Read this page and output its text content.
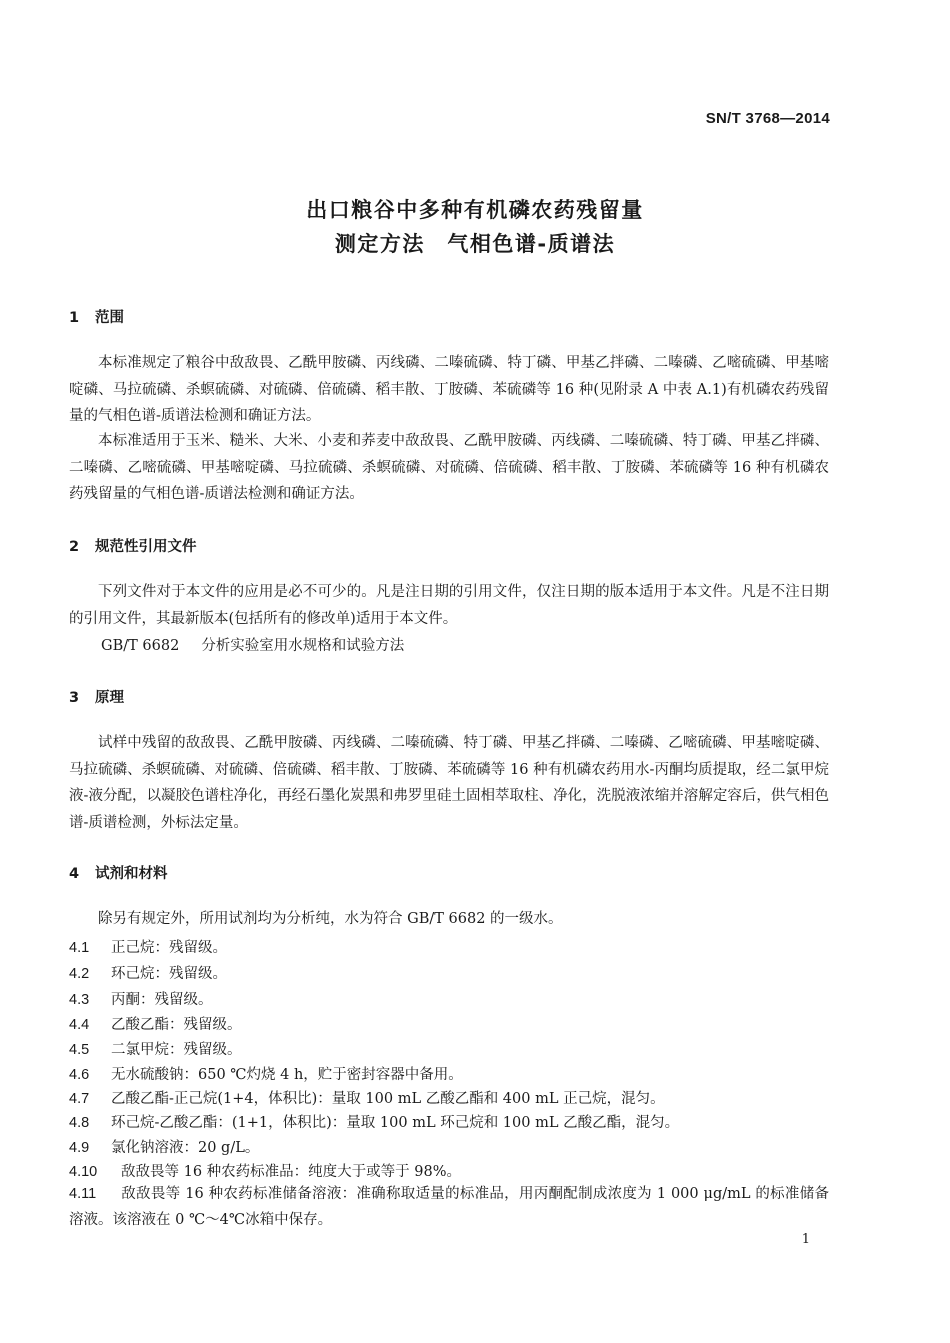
SN/T 3768—2014
出口粮谷中多种有机磷农药残留量
测定方法　气相色谱-质谱法
1 范围

本标准规定了粮谷中敌敌畏、乙酰甲胺磷、丙线磷、二嗪硫磷、特丁磷、甲基乙拌磷、二嗪磷、乙嘧硫磷、甲基嘧啶磷、马拉硫磷、杀螟硫磷、对硫磷、倍硫磷、稻丰散、丁胺磷、苯硫磷等 16 种(见附录 A 中表 A.1)有机磷农药残留量的气相色谱-质谱法检测和确证方法。

本标准适用于玉米、糙米、大米、小麦和荞麦中敌敌畏、乙酰甲胺磷、丙线磷、二嗪硫磷、特丁磷、甲基乙拌磷、二嗪磷、乙嘧硫磷、甲基嘧啶磷、马拉硫磷、杀螟硫磷、对硫磷、倍硫磷、稻丰散、丁胺磷、苯硫磷等 16 种有机磷农药残留量的气相色谱-质谱法检测和确证方法。

2 规范性引用文件

下列文件对于本文件的应用是必不可少的。凡是注日期的引用文件，仅注日期的版本适用于本文件。凡是不注日期的引用文件，其最新版本(包括所有的修改单)适用于本文件。

GB/T 6682 分析实验室用水规格和试验方法
3 原理

试样中残留的敌敌畏、乙酰甲胺磷、丙线磷、二嗪硫磷、特丁磷、甲基乙拌磷、二嗪磷、乙嘧硫磷、甲基嘧啶磷、马拉硫磷、杀螟硫磷、对硫磷、倍硫磷、稻丰散、丁胺磷、苯硫磷等 16 种有机磷农药用水-丙酮均质提取，经二氯甲烷液-液分配，以凝胶色谱柱净化，再经石墨化炭黑和弗罗里硅土固相萃取柱、净化，洗脱液浓缩并溶解定容后，供气相色谱-质谱检测，外标法定量。

4 试剂和材料

除另有规定外，所用试剂均为分析纯，水为符合 GB/T 6682 的一级水。

4.1 正己烷：残留级。
4.2 环己烷：残留级。
4.3 丙酮：残留级。
4.4 乙酸乙酯：残留级。
4.5 二氯甲烷：残留级。
4.6 无水硫酸钠：650 ℃灼烧 4 h，贮于密封容器中备用。
4.7 乙酸乙酯-正己烷(1+4，体积比)：量取 100 mL 乙酸乙酯和 400 mL 正己烷，混匀。
4.8 环己烷-乙酸乙酯：(1+1，体积比)：量取 100 mL 环己烷和 100 mL 乙酸乙酯，混匀。
4.9 氯化钠溶液：20 g/L。
4.10 敌敌畏等 16 种农药标准品：纯度大于或等于 98%。

4.11 敌敌畏等 16 种农药标准储备溶液：准确称取适量的标准品，用丙酮配制成浓度为 1 000 μg/mL 的标准储备溶液。该溶液在 0 ℃～4℃冰箱中保存。

1
